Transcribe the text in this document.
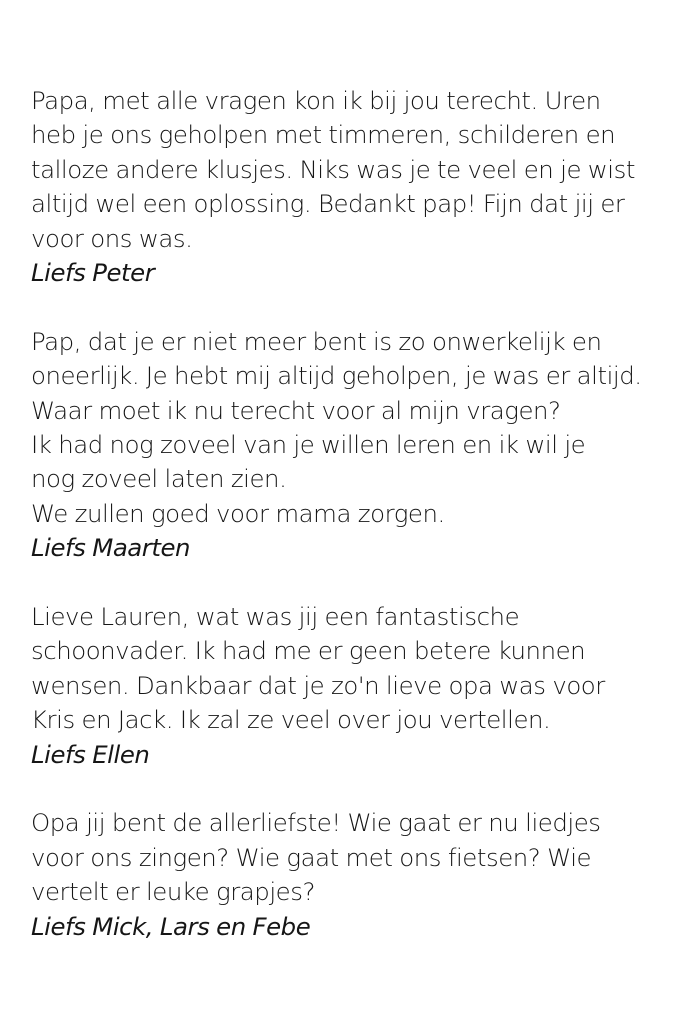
Papa, met alle vragen kon ik bij jou terecht. Uren
heb je ons geholpen met timmeren, schilderen en
talloze andere klusjes. Niks was je te veel en je wist
altijd wel een oplossing. Bedankt pap! Fijn dat jij er
voor ons was.

Liefs Peter

Pap, dat je er niet meer bent is zo onwerkelijk en
oneerlijk. Je hebt mij altijd geholpen, je was er altijd.
Waar moet ik nu terecht voor al mijn vragen?
Ik had nog zoveel van je willen leren en ik wil je
nog zoveel laten zien.
We zullen goed voor mama zorgen.

Liefs Maarten

Lieve Lauren, wat was jij een fantastische
schoonvader. Ik had me er geen betere kunnen
wensen. Dankbaar dat je zo'n lieve opa was voor
Kris en Jack. Ik zal ze veel over jou vertellen.

Liefs Ellen

Opa jij bent de allerliefste! Wie gaat er nu liedjes
voor ons zingen? Wie gaat met ons fietsen? Wie
vertelt er leuke grapjes?

Liefs Mick, Lars en Febe
